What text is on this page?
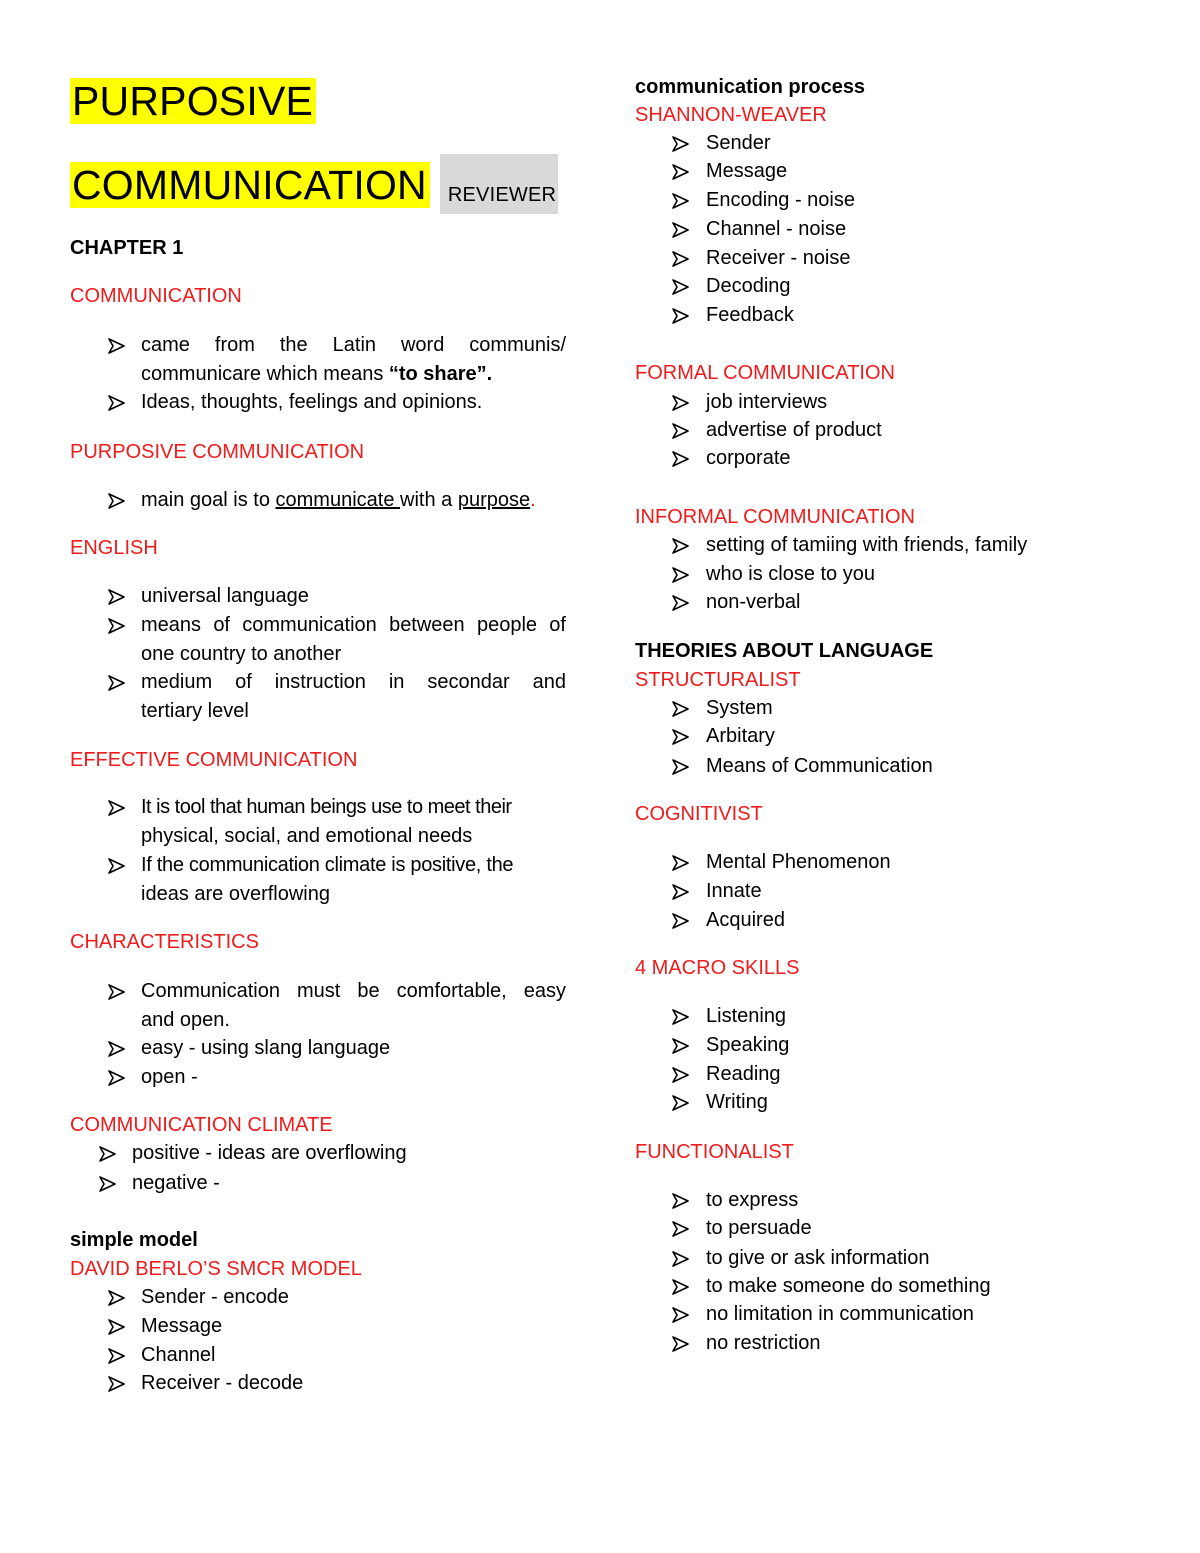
PURPOSIVE
COMMUNICATION REVIEWER
CHAPTER 1
COMMUNICATION
came from the Latin word communis/
communicare which means “to share”.
Ideas, thoughts, feelings and opinions.
PURPOSIVE COMMUNICATION
main goal is to communicate with a purpose.
ENGLISH
universal language
means of communication between people of
one country to another
medium of instruction in secondar and
tertiary level
EFFECTIVE COMMUNICATION
It is tool that human beings use to meet their
physical, social, and emotional needs
If the communication climate is positive, the
ideas are overflowing
CHARACTERISTICS
Communication must be comfortable, easy
and open.
easy - using slang language
open -
COMMUNICATION CLIMATE
positive - ideas are overflowing
negative -
simple model
DAVID BERLO’S SMCR MODEL
Sender - encode
Message
Channel
Receiver - decode
communication process
SHANNON-WEAVER
Sender
Message
Encoding - noise
Channel - noise
Receiver - noise
Decoding
Feedback
FORMAL COMMUNICATION
job interviews
advertise of product
corporate
INFORMAL COMMUNICATION
setting of tamiing with friends, family
who is close to you
non-verbal
THEORIES ABOUT LANGUAGE
STRUCTURALIST
System
Arbitary
Means of Communication
COGNITIVIST
Mental Phenomenon
Innate
Acquired
4 MACRO SKILLS
Listening
Speaking
Reading
Writing
FUNCTIONALIST
to express
to persuade
to give or ask information
to make someone do something
no limitation in communication
no restriction
